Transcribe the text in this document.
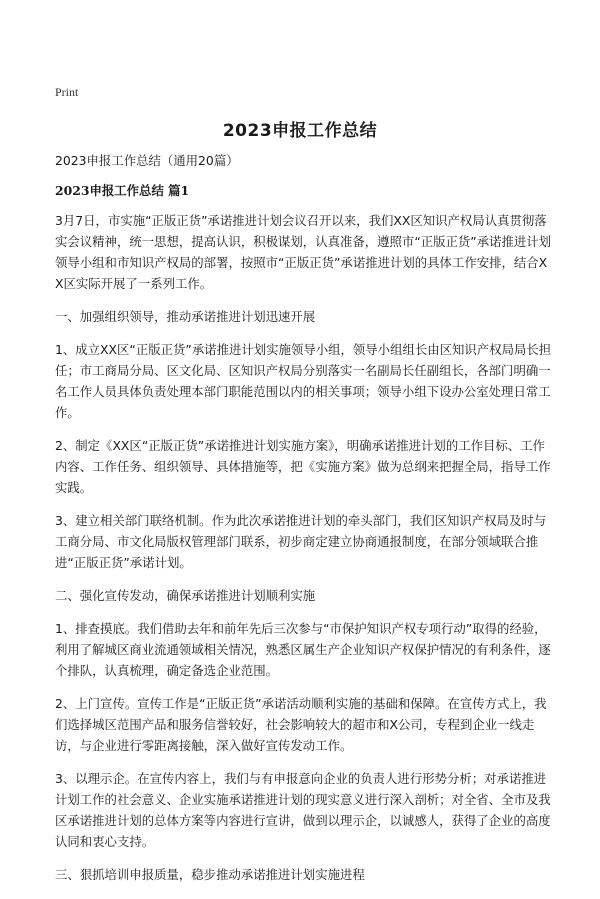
Print
2023申报工作总结

2023申报工作总结（通用20篇）

2023申报工作总结 篇1

3月7日，市实施“正版正货”承诺推进计划会议召开以来，我们XX区知识产权局认真贯彻落实会议精神，统一思想，提高认识，积极谋划，认真准备，遵照市“正版正货”承诺推进计划领导小组和市知识产权局的部署，按照市“正版正货”承诺推进计划的具体工作安排，结合XX区实际开展了一系列工作。

一、加强组织领导，推动承诺推进计划迅速开展

1、成立XX区“正版正货”承诺推进计划实施领导小组，领导小组组长由区知识产权局局长担任；市工商局分局、区文化局、区知识产权局分别落实一名副局长任副组长，各部门明确一名工作人员具体负责处理本部门职能范围以内的相关事项；领导小组下设办公室处理日常工作。

2、制定《XX区“正版正货”承诺推进计划实施方案》，明确承诺推进计划的工作目标、工作内容、工作任务、组织领导、具体措施等，把《实施方案》做为总纲来把握全局，指导工作实践。

3、建立相关部门联络机制。作为此次承诺推进计划的牵头部门，我们区知识产权局及时与工商分局、市文化局版权管理部门联系，初步商定建立协商通报制度，在部分领域联合推进“正版正货”承诺计划。

二、强化宣传发动，确保承诺推进计划顺利实施

1、排查摸底。我们借助去年和前年先后三次参与“市保护知识产权专项行动”取得的经验，利用了解城区商业流通领域相关情况，熟悉区属生产企业知识产权保护情况的有利条件，逐个排队，认真梳理，确定备选企业范围。

2、上门宣传。宣传工作是“正版正货”承诺活动顺利实施的基础和保障。在宣传方式上，我们选择城区范围产品和服务信誉较好，社会影响较大的超市和X公司，专程到企业一线走访，与企业进行零距离接触，深入做好宣传发动工作。

3、以理示企。在宣传内容上，我们与有申报意向企业的负责人进行形势分析；对承诺推进计划工作的社会意义、企业实施承诺推进计划的现实意义进行深入剖析；对全省、全市及我区承诺推进计划的总体方案等内容进行宣讲，做到以理示企，以诚感人，获得了企业的高度认同和衷心支持。

三、狠抓培训申报质量，稳步推动承诺推进计划实施进程
